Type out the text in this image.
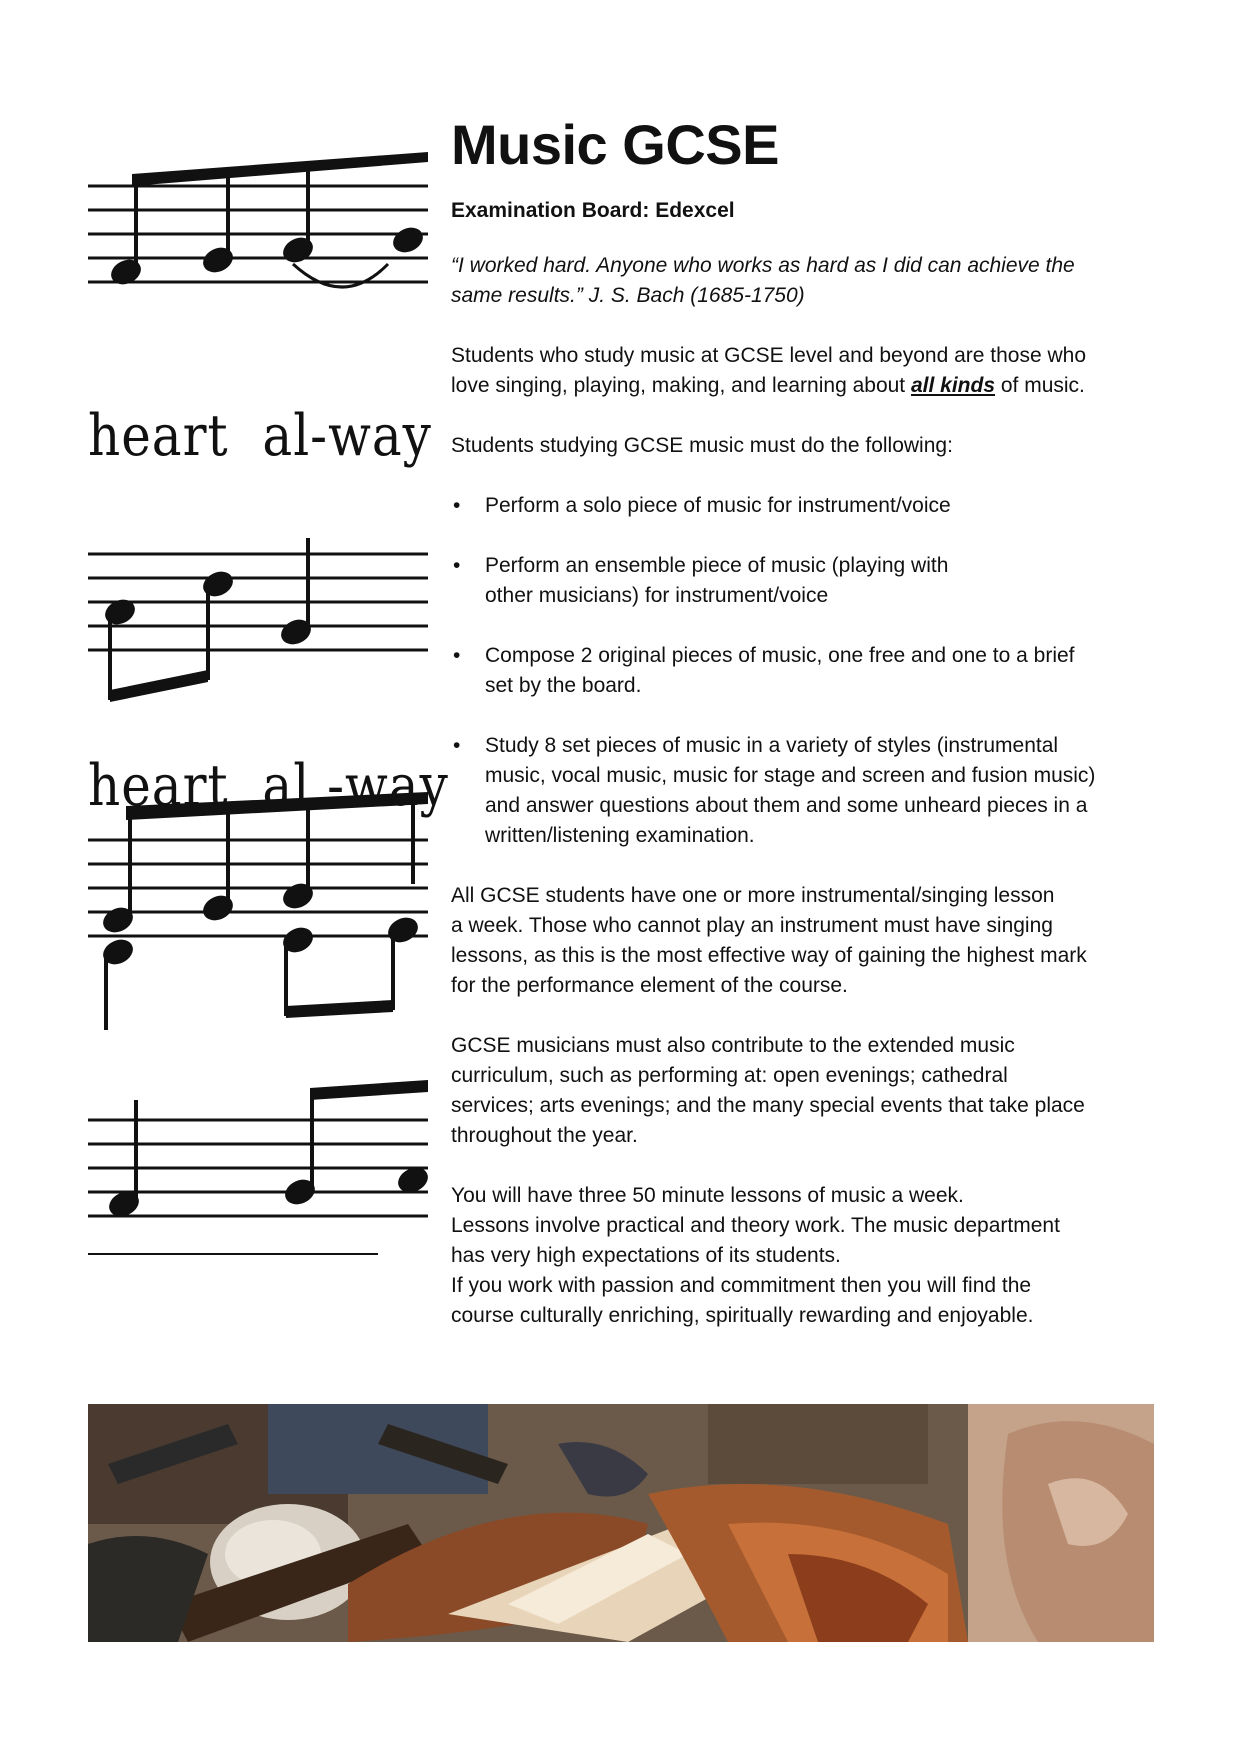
heart  al-way
heart  al -way
Music GCSE

Examination Board: Edexcel

“I worked hard. Anyone who works as hard as I did can achieve the
same results.” J. S. Bach (1685-1750)

Students who study music at GCSE level and beyond are those who
love singing, playing, making, and learning about all kinds of music.

Students studying GCSE music must do the following:

• Perform a solo piece of music for instrument/voice
• Perform an ensemble piece of music (playing with
other musicians) for instrument/voice
• Compose 2 original pieces of music, one free and one to a brief
set by the board.
• Study 8 set pieces of music in a variety of styles (instrumental
music, vocal music, music for stage and screen and fusion music)
and answer questions about them and some unheard pieces in a
written/listening examination.

All GCSE students have one or more instrumental/singing lesson
a week. Those who cannot play an instrument must have singing
lessons, as this is the most effective way of gaining the highest mark
for the performance element of the course.

GCSE musicians must also contribute to the extended music
curriculum, such as performing at: open evenings; cathedral
services; arts evenings; and the many special events that take place
throughout the year.

You will have three 50 minute lessons of music a week.
Lessons involve practical and theory work. The music department
has very high expectations of its students.
If you work with passion and commitment then you will find the
course culturally enriching, spiritually rewarding and enjoyable.
